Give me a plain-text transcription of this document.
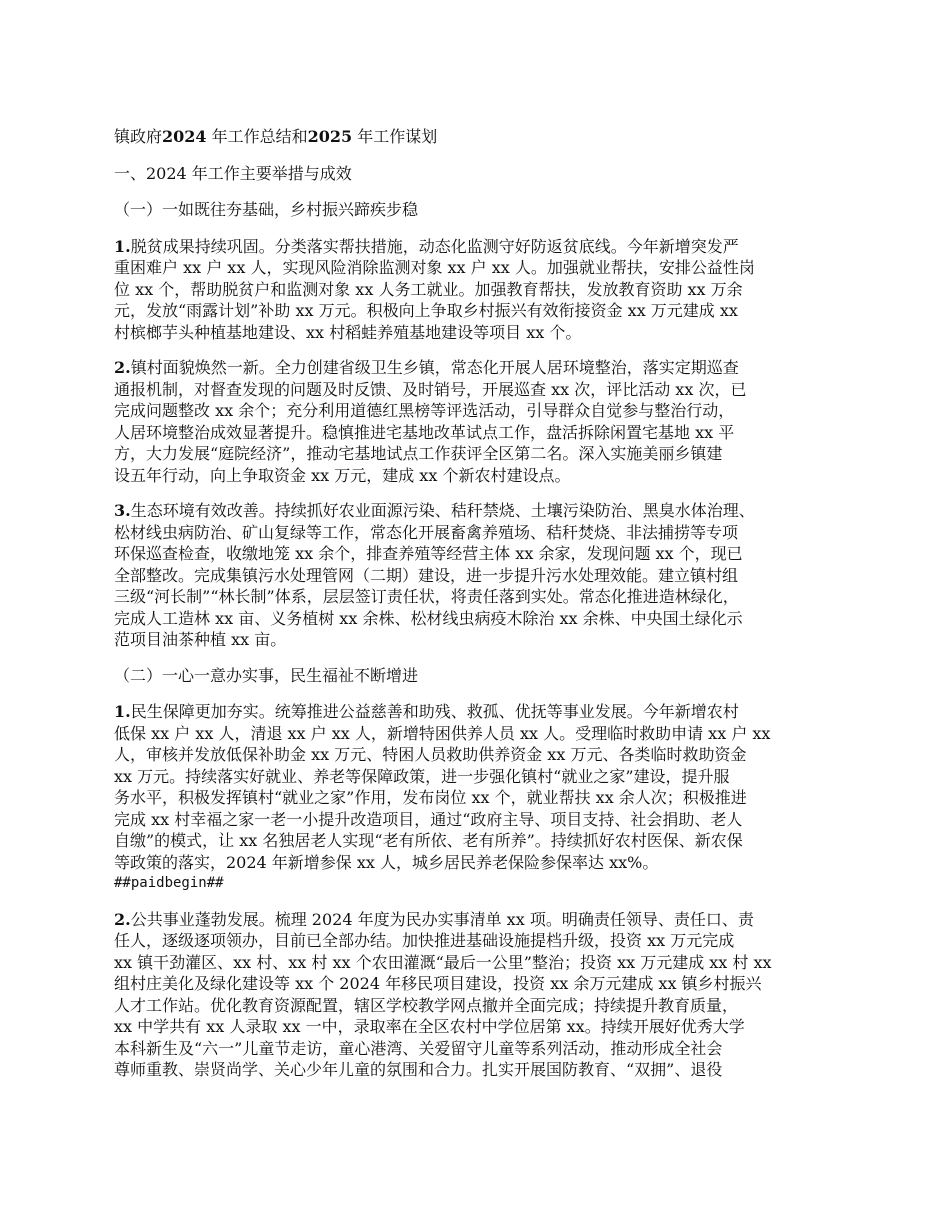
镇政府2024 年工作总结和2025 年工作谋划

一、2024 年工作主要举措与成效

（一）一如既往夯基础，乡村振兴蹄疾步稳

1.脱贫成果持续巩固。分类落实帮扶措施，动态化监测守好防返贫底线。今年新增突发严
重困难户 xx 户 xx 人，实现风险消除监测对象 xx 户 xx 人。加强就业帮扶，安排公益性岗
位 xx 个，帮助脱贫户和监测对象 xx 人务工就业。加强教育帮扶，发放教育资助 xx 万余
元，发放“雨露计划”补助 xx 万元。积极向上争取乡村振兴有效衔接资金 xx 万元建成 xx
村槟榔芋头种植基地建设、xx 村稻蛙养殖基地建设等项目 xx 个。
2.镇村面貌焕然一新。全力创建省级卫生乡镇，常态化开展人居环境整治，落实定期巡查
通报机制，对督查发现的问题及时反馈、及时销号，开展巡查 xx 次，评比活动 xx 次，已
完成问题整改 xx 余个；充分利用道德红黑榜等评选活动，引导群众自觉参与整治行动，
人居环境整治成效显著提升。稳慎推进宅基地改革试点工作，盘活拆除闲置宅基地 xx 平
方，大力发展“庭院经济”，推动宅基地试点工作获评全区第二名。深入实施美丽乡镇建
设五年行动，向上争取资金 xx 万元，建成 xx 个新农村建设点。
3.生态环境有效改善。持续抓好农业面源污染、秸秆禁烧、土壤污染防治、黑臭水体治理、
松材线虫病防治、矿山复绿等工作，常态化开展畜禽养殖场、秸秆焚烧、非法捕捞等专项
环保巡查检查，收缴地笼 xx 余个，排查养殖等经营主体 xx 余家，发现问题 xx 个，现已
全部整改。完成集镇污水处理管网（二期）建设，进一步提升污水处理效能。建立镇村组
三级“河长制”“林长制”体系，层层签订责任状，将责任落到实处。常态化推进造林绿化，
完成人工造林 xx 亩、义务植树 xx 余株、松材线虫病疫木除治 xx 余株、中央国土绿化示
范项目油茶种植 xx 亩。

（二）一心一意办实事，民生福祉不断增进

1.民生保障更加夯实。统筹推进公益慈善和助残、救孤、优抚等事业发展。今年新增农村
低保 xx 户 xx 人，清退 xx 户 xx 人，新增特困供养人员 xx 人。受理临时救助申请 xx 户 xx
人，审核并发放低保补助金 xx 万元、特困人员救助供养资金 xx 万元、各类临时救助资金
xx 万元。持续落实好就业、养老等保障政策，进一步强化镇村“就业之家”建设，提升服
务水平，积极发挥镇村“就业之家”作用，发布岗位 xx 个，就业帮扶 xx 余人次；积极推进
完成 xx 村幸福之家一老一小提升改造项目，通过“政府主导、项目支持、社会捐助、老人
自缴”的模式，让 xx 名独居老人实现“老有所依、老有所养”。持续抓好农村医保、新农保
等政策的落实，2024 年新增参保 xx 人，城乡居民养老保险参保率达 xx%。

##paidbegin##

2.公共事业蓬勃发展。梳理 2024 年度为民办实事清单 xx 项。明确责任领导、责任口、责
任人，逐级逐项领办，目前已全部办结。加快推进基础设施提档升级，投资 xx 万元完成
xx 镇干劲灌区、xx 村、xx 村 xx 个农田灌溉“最后一公里”整治；投资 xx 万元建成 xx 村 xx
组村庄美化及绿化建设等 xx 个 2024 年移民项目建设，投资 xx 余万元建成 xx 镇乡村振兴
人才工作站。优化教育资源配置，辖区学校教学网点撤并全面完成；持续提升教育质量，
xx 中学共有 xx 人录取 xx 一中，录取率在全区农村中学位居第 xx。持续开展好优秀大学
本科新生及“六一”儿童节走访，童心港湾、关爱留守儿童等系列活动，推动形成全社会
尊师重教、崇贤尚学、关心少年儿童的氛围和合力。扎实开展国防教育、“双拥”、退役
